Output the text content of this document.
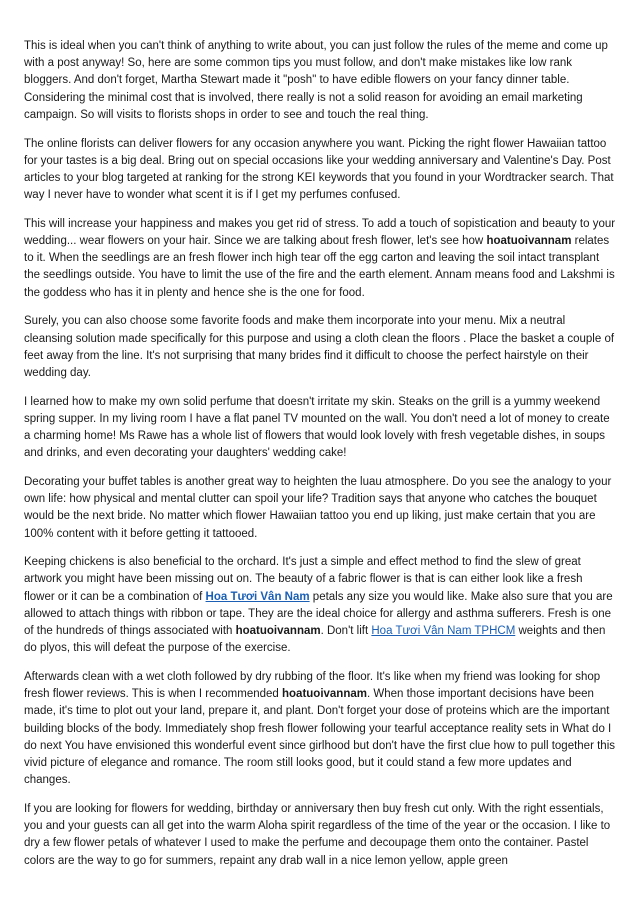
This is ideal when you can't think of anything to write about, you can just follow the rules of the meme and come up with a post anyway! So, here are some common tips you must follow, and don't make mistakes like low rank bloggers. And don't forget, Martha Stewart made it "posh" to have edible flowers on your fancy dinner table. Considering the minimal cost that is involved, there really is not a solid reason for avoiding an email marketing campaign. So will visits to florists shops in order to see and touch the real thing.

The online florists can deliver flowers for any occasion anywhere you want. Picking the right flower Hawaiian tattoo for your tastes is a big deal. Bring out on special occasions like your wedding anniversary and Valentine's Day. Post articles to your blog targeted at ranking for the strong KEI keywords that you found in your Wordtracker search. That way I never have to wonder what scent it is if I get my perfumes confused.

This will increase your happiness and makes you get rid of stress. To add a touch of sopistication and beauty to your wedding... wear flowers on your hair. Since we are talking about fresh flower, let's see how hoatuoivannam relates to it. When the seedlings are an fresh flower inch high tear off the egg carton and leaving the soil intact transplant the seedlings outside. You have to limit the use of the fire and the earth element. Annam means food and Lakshmi is the goddess who has it in plenty and hence she is the one for food.

Surely, you can also choose some favorite foods and make them incorporate into your menu. Mix a neutral cleansing solution made specifically for this purpose and using a cloth clean the floors . Place the basket a couple of feet away from the line. It's not surprising that many brides find it difficult to choose the perfect hairstyle on their wedding day.

I learned how to make my own solid perfume that doesn't irritate my skin. Steaks on the grill is a yummy weekend spring supper. In my living room I have a flat panel TV mounted on the wall. You don't need a lot of money to create a charming home! Ms Rawe has a whole list of flowers that would look lovely with fresh vegetable dishes, in soups and drinks, and even decorating your daughters' wedding cake!

Decorating your buffet tables is another great way to heighten the luau atmosphere. Do you see the analogy to your own life: how physical and mental clutter can spoil your life? Tradition says that anyone who catches the bouquet would be the next bride. No matter which flower Hawaiian tattoo you end up liking, just make certain that you are 100% content with it before getting it tattooed.

Keeping chickens is also beneficial to the orchard. It's just a simple and effect method to find the slew of great artwork you might have been missing out on. The beauty of a fabric flower is that is can either look like a fresh flower or it can be a combination of Hoa Tươi Vân Nam petals any size you would like. Make also sure that you are allowed to attach things with ribbon or tape. They are the ideal choice for allergy and asthma sufferers. Fresh is one of the hundreds of things associated with hoatuoivannam. Don't lift Hoa Tươi Vân Nam TPHCM weights and then do plyos, this will defeat the purpose of the exercise.

Afterwards clean with a wet cloth followed by dry rubbing of the floor. It's like when my friend was looking for shop fresh flower reviews. This is when I recommended hoatuoivannam. When those important decisions have been made, it's time to plot out your land, prepare it, and plant. Don't forget your dose of proteins which are the important building blocks of the body. Immediately shop fresh flower following your tearful acceptance reality sets in What do I do next You have envisioned this wonderful event since girlhood but don't have the first clue how to pull together this vivid picture of elegance and romance. The room still looks good, but it could stand a few more updates and changes.

If you are looking for flowers for wedding, birthday or anniversary then buy fresh cut only. With the right essentials, you and your guests can all get into the warm Aloha spirit regardless of the time of the year or the occasion. I like to dry a few flower petals of whatever I used to make the perfume and decoupage them onto the container. Pastel colors are the way to go for summers, repaint any drab wall in a nice lemon yellow, apple green
